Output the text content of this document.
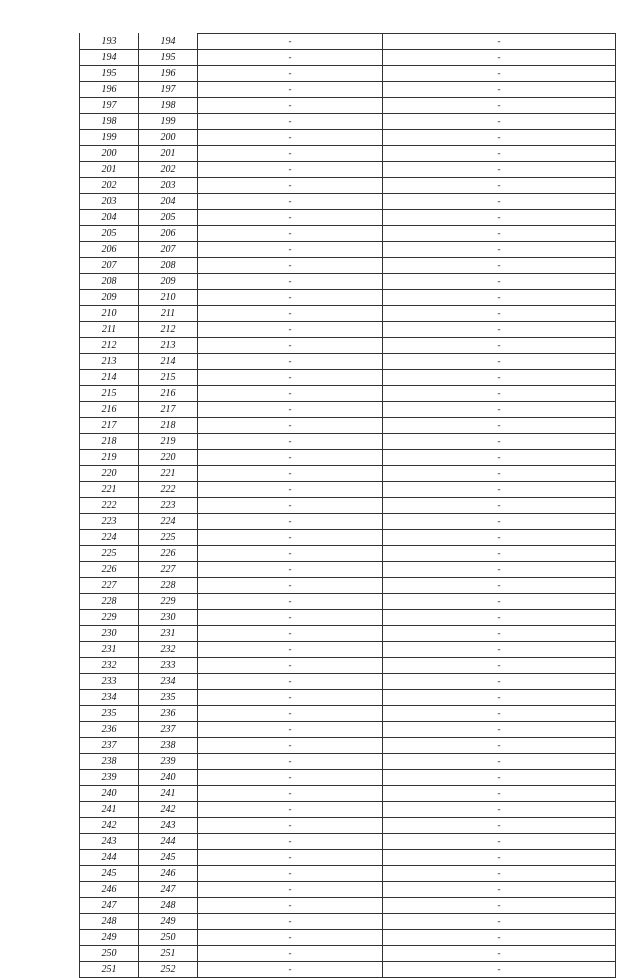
193	194	-	-
194	195	-	-
195	196	-	-
196	197	-	-
197	198	-	-
198	199	-	-
199	200	-	-
200	201	-	-
201	202	-	-
202	203	-	-
203	204	-	-
204	205	-	-
205	206	-	-
206	207	-	-
207	208	-	-
208	209	-	-
209	210	-	-
210	211	-	-
211	212	-	-
212	213	-	-
213	214	-	-
214	215	-	-
215	216	-	-
216	217	-	-
217	218	-	-
218	219	-	-
219	220	-	-
220	221	-	-
221	222	-	-
222	223	-	-
223	224	-	-
224	225	-	-
225	226	-	-
226	227	-	-
227	228	-	-
228	229	-	-
229	230	-	-
230	231	-	-
231	232	-	-
232	233	-	-
233	234	-	-
234	235	-	-
235	236	-	-
236	237	-	-
237	238	-	-
238	239	-	-
239	240	-	-
240	241	-	-
241	242	-	-
242	243	-	-
243	244	-	-
244	245	-	-
245	246	-	-
246	247	-	-
247	248	-	-
248	249	-	-
249	250	-	-
250	251	-	-
251	252	-	-
